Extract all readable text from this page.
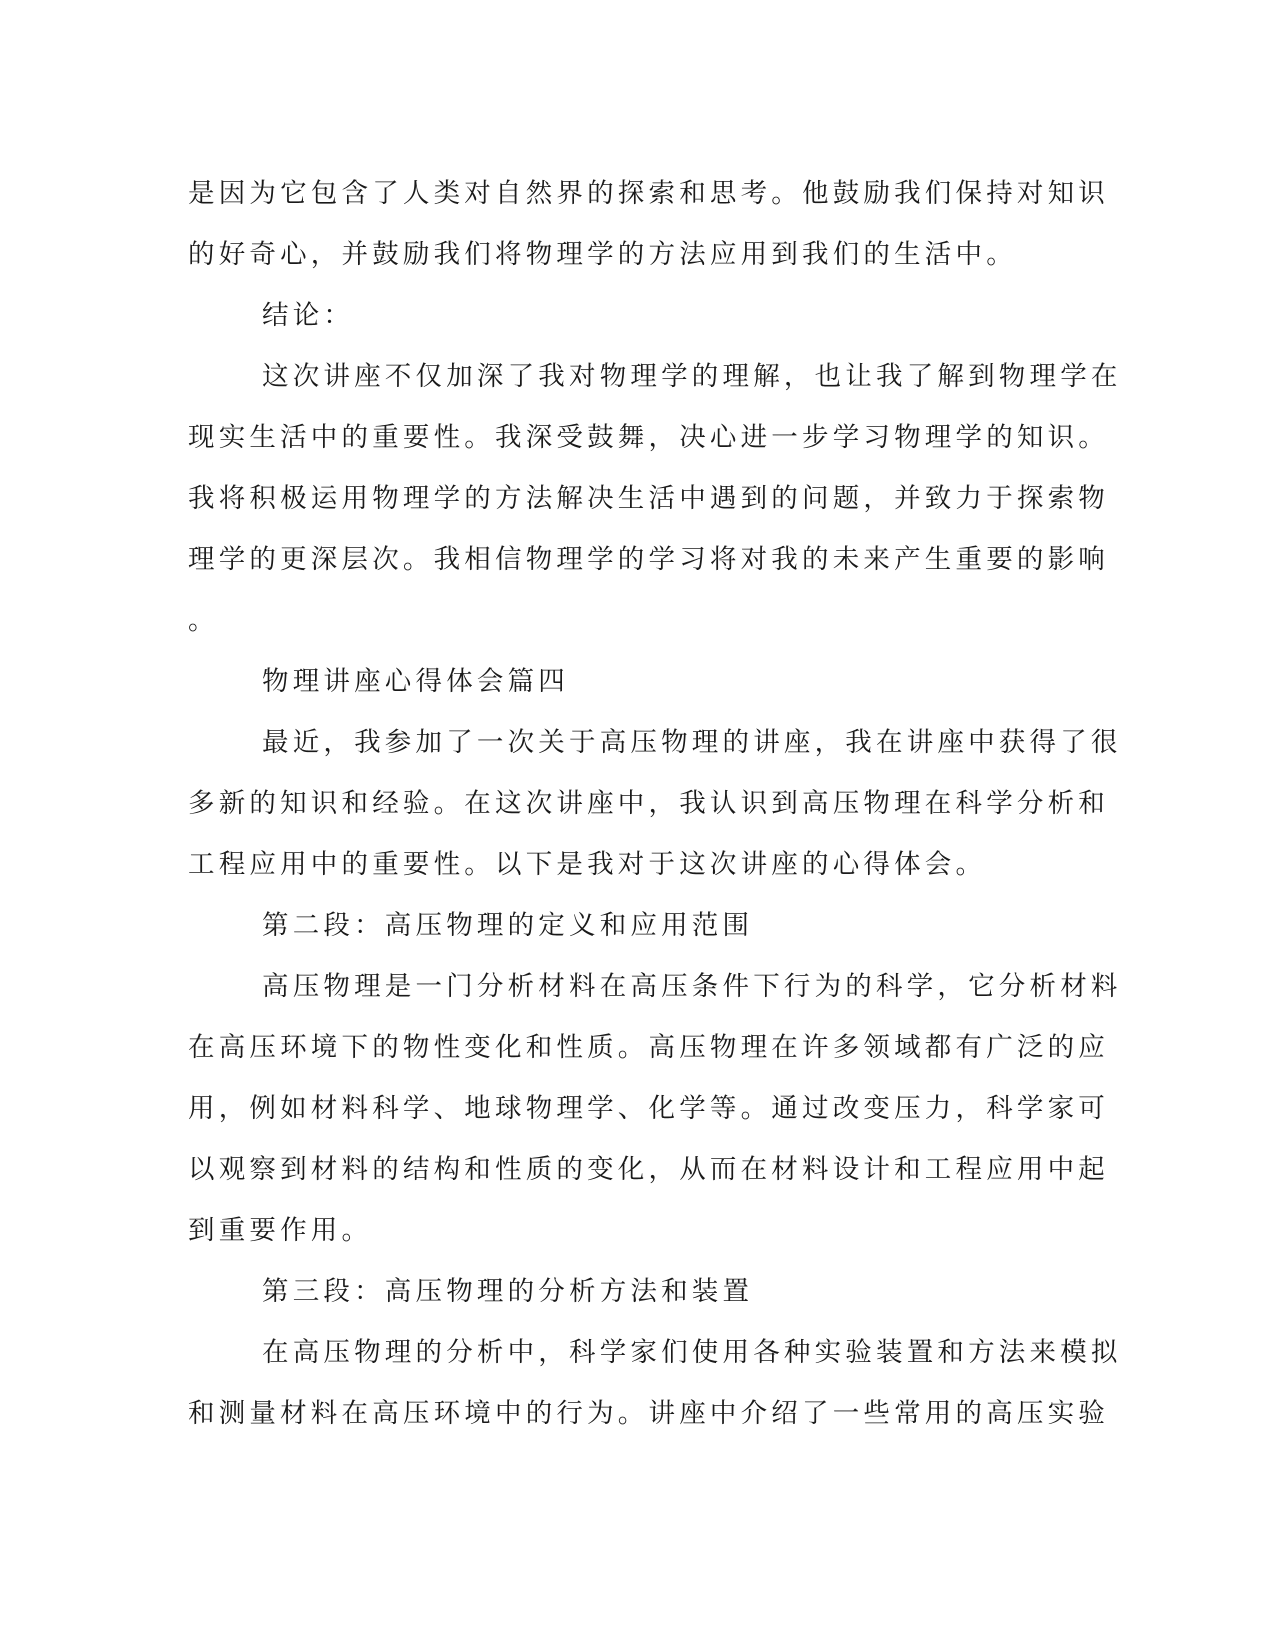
是因为它包含了人类对自然界的探索和思考。他鼓励我们保持对知识
的好奇心，并鼓励我们将物理学的方法应用到我们的生活中。
结论：
这次讲座不仅加深了我对物理学的理解，也让我了解到物理学在
现实生活中的重要性。我深受鼓舞，决心进一步学习物理学的知识。
我将积极运用物理学的方法解决生活中遇到的问题，并致力于探索物
理学的更深层次。我相信物理学的学习将对我的未来产生重要的影响
。
物理讲座心得体会篇四
最近，我参加了一次关于高压物理的讲座，我在讲座中获得了很
多新的知识和经验。在这次讲座中，我认识到高压物理在科学分析和
工程应用中的重要性。以下是我对于这次讲座的心得体会。
第二段：高压物理的定义和应用范围
高压物理是一门分析材料在高压条件下行为的科学，它分析材料
在高压环境下的物性变化和性质。高压物理在许多领域都有广泛的应
用，例如材料科学、地球物理学、化学等。通过改变压力，科学家可
以观察到材料的结构和性质的变化，从而在材料设计和工程应用中起
到重要作用。
第三段：高压物理的分析方法和装置
在高压物理的分析中，科学家们使用各种实验装置和方法来模拟
和测量材料在高压环境中的行为。讲座中介绍了一些常用的高压实验
